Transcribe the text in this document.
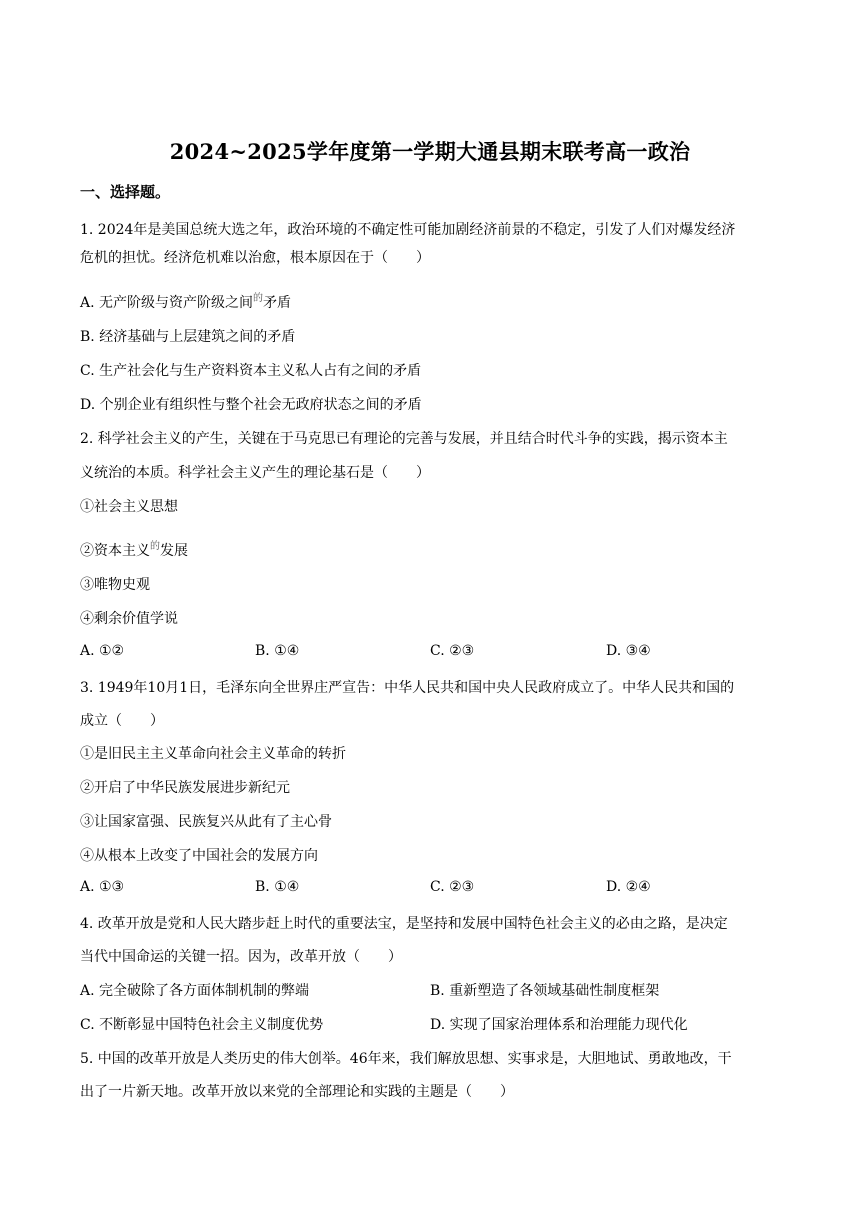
2024~2025学年度第一学期大通县期末联考高一政治
一、选择题。
1. 2024年是美国总统大选之年，政治环境的不确定性可能加剧经济前景的不稳定，引发了人们对爆发经济
危机的担忧。经济危机难以治愈，根本原因在于（　　）
A. 无产阶级与资产阶级之间$^的$矛盾
B. 经济基础与上层建筑之间的矛盾
C. 生产社会化与生产资料资本主义私人占有之间的矛盾
D. 个别企业有组织性与整个社会无政府状态之间的矛盾
2. 科学社会主义的产生，关键在于马克思已有理论的完善与发展，并且结合时代斗争的实践，揭示资本主
义统治的本质。科学社会主义产生的理论基石是（　　）
①社会主义思想
②资本主义$^的$发展
③唯物史观
④剩余价值学说
A. ①②	B. ①④	C. ②③	D. ③④
3. 1949年10月1日，毛泽东向全世界庄严宣告：中华人民共和国中央人民政府成立了。中华人民共和国的
成立（　　）
①是旧民主主义革命向社会主义革命的转折
②开启了中华民族发展进步新纪元
③让国家富强、民族复兴从此有了主心骨
④从根本上改变了中国社会的发展方向
A. ①③	B. ①④	C. ②③	D. ②④
4. 改革开放是党和人民大踏步赶上时代的重要法宝，是坚持和发展中国特色社会主义的必由之路，是决定
当代中国命运的关键一招。因为，改革开放（　　）
A. 完全破除了各方面体制机制的弊端	B. 重新塑造了各领域基础性制度框架
C. 不断彰显中国特色社会主义制度优势	D. 实现了国家治理体系和治理能力现代化
5. 中国的改革开放是人类历史的伟大创举。46年来，我们解放思想、实事求是，大胆地试、勇敢地改，干
出了一片新天地。改革开放以来党的全部理论和实践的主题是（　　）
